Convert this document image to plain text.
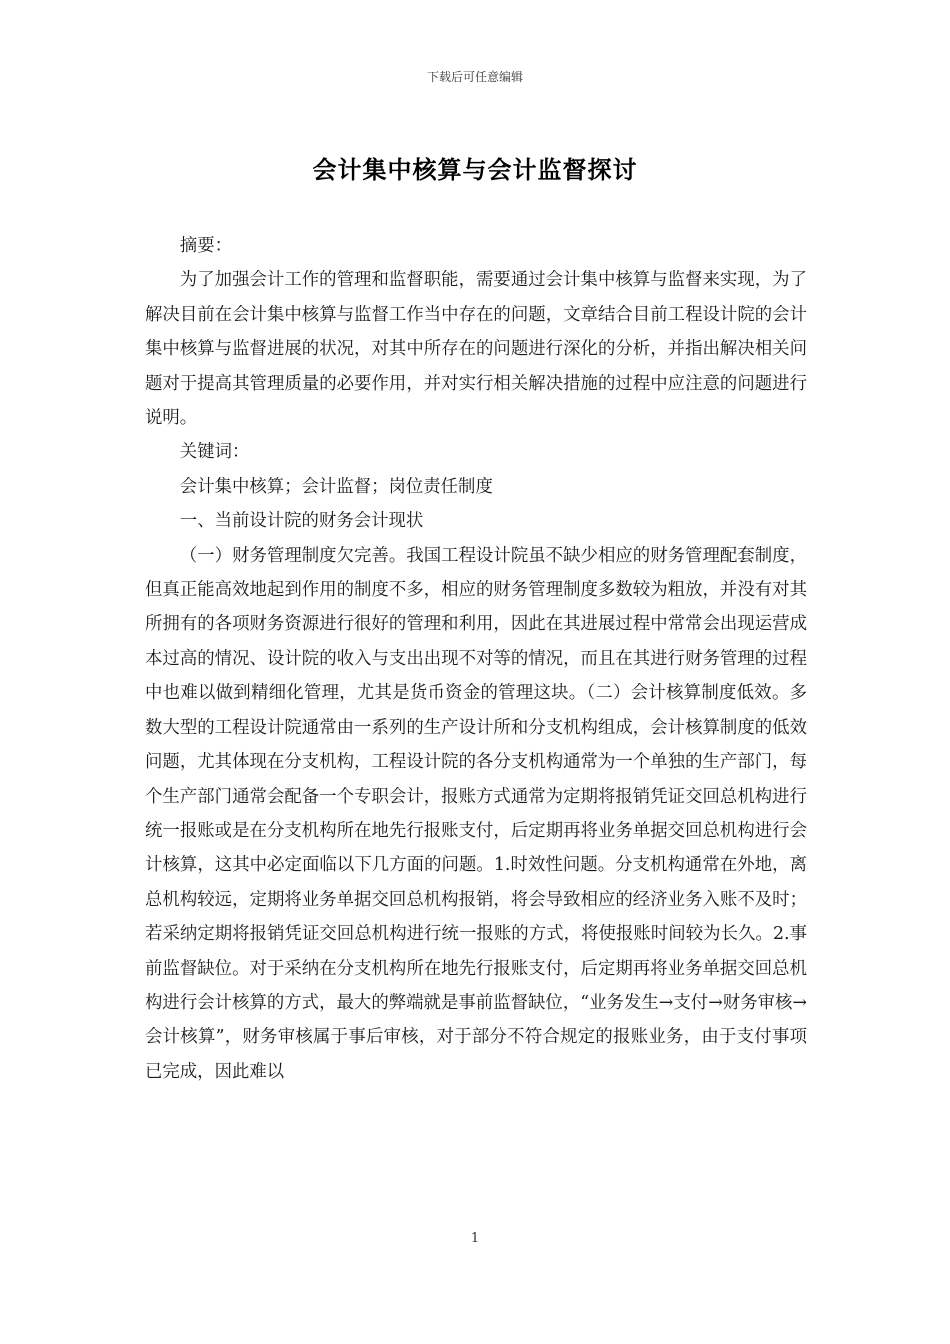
下载后可任意编辑
会计集中核算与会计监督探讨

摘要：

为了加强会计工作的管理和监督职能，需要通过会计集中核算与监督来实现，为了解决目前在会计集中核算与监督工作当中存在的问题，文章结合目前工程设计院的会计集中核算与监督进展的状况，对其中所存在的问题进行深化的分析，并指出解决相关问题对于提高其管理质量的必要作用，并对实行相关解决措施的过程中应注意的问题进行说明。

关键词：

会计集中核算；会计监督；岗位责任制度

一、当前设计院的财务会计现状

（一）财务管理制度欠完善。我国工程设计院虽不缺少相应的财务管理配套制度，但真正能高效地起到作用的制度不多，相应的财务管理制度多数较为粗放，并没有对其所拥有的各项财务资源进行很好的管理和利用，因此在其进展过程中常常会出现运营成本过高的情况、设计院的收入与支出出现不对等的情况，而且在其进行财务管理的过程中也难以做到精细化管理，尤其是货币资金的管理这块。（二）会计核算制度低效。多数大型的工程设计院通常由一系列的生产设计所和分支机构组成，会计核算制度的低效问题，尤其体现在分支机构，工程设计院的各分支机构通常为一个单独的生产部门，每个生产部门通常会配备一个专职会计，报账方式通常为定期将报销凭证交回总机构进行统一报账或是在分支机构所在地先行报账支付，后定期再将业务单据交回总机构进行会计核算，这其中必定面临以下几方面的问题。1.时效性问题。分支机构通常在外地，离总机构较远，定期将业务单据交回总机构报销，将会导致相应的经济业务入账不及时；若采纳定期将报销凭证交回总机构进行统一报账的方式，将使报账时间较为长久。2.事前监督缺位。对于采纳在分支机构所在地先行报账支付，后定期再将业务单据交回总机构进行会计核算的方式，最大的弊端就是事前监督缺位，“业务发生→支付→财务审核→会计核算”，财务审核属于事后审核，对于部分不符合规定的报账业务，由于支付事项已完成，因此难以

1
